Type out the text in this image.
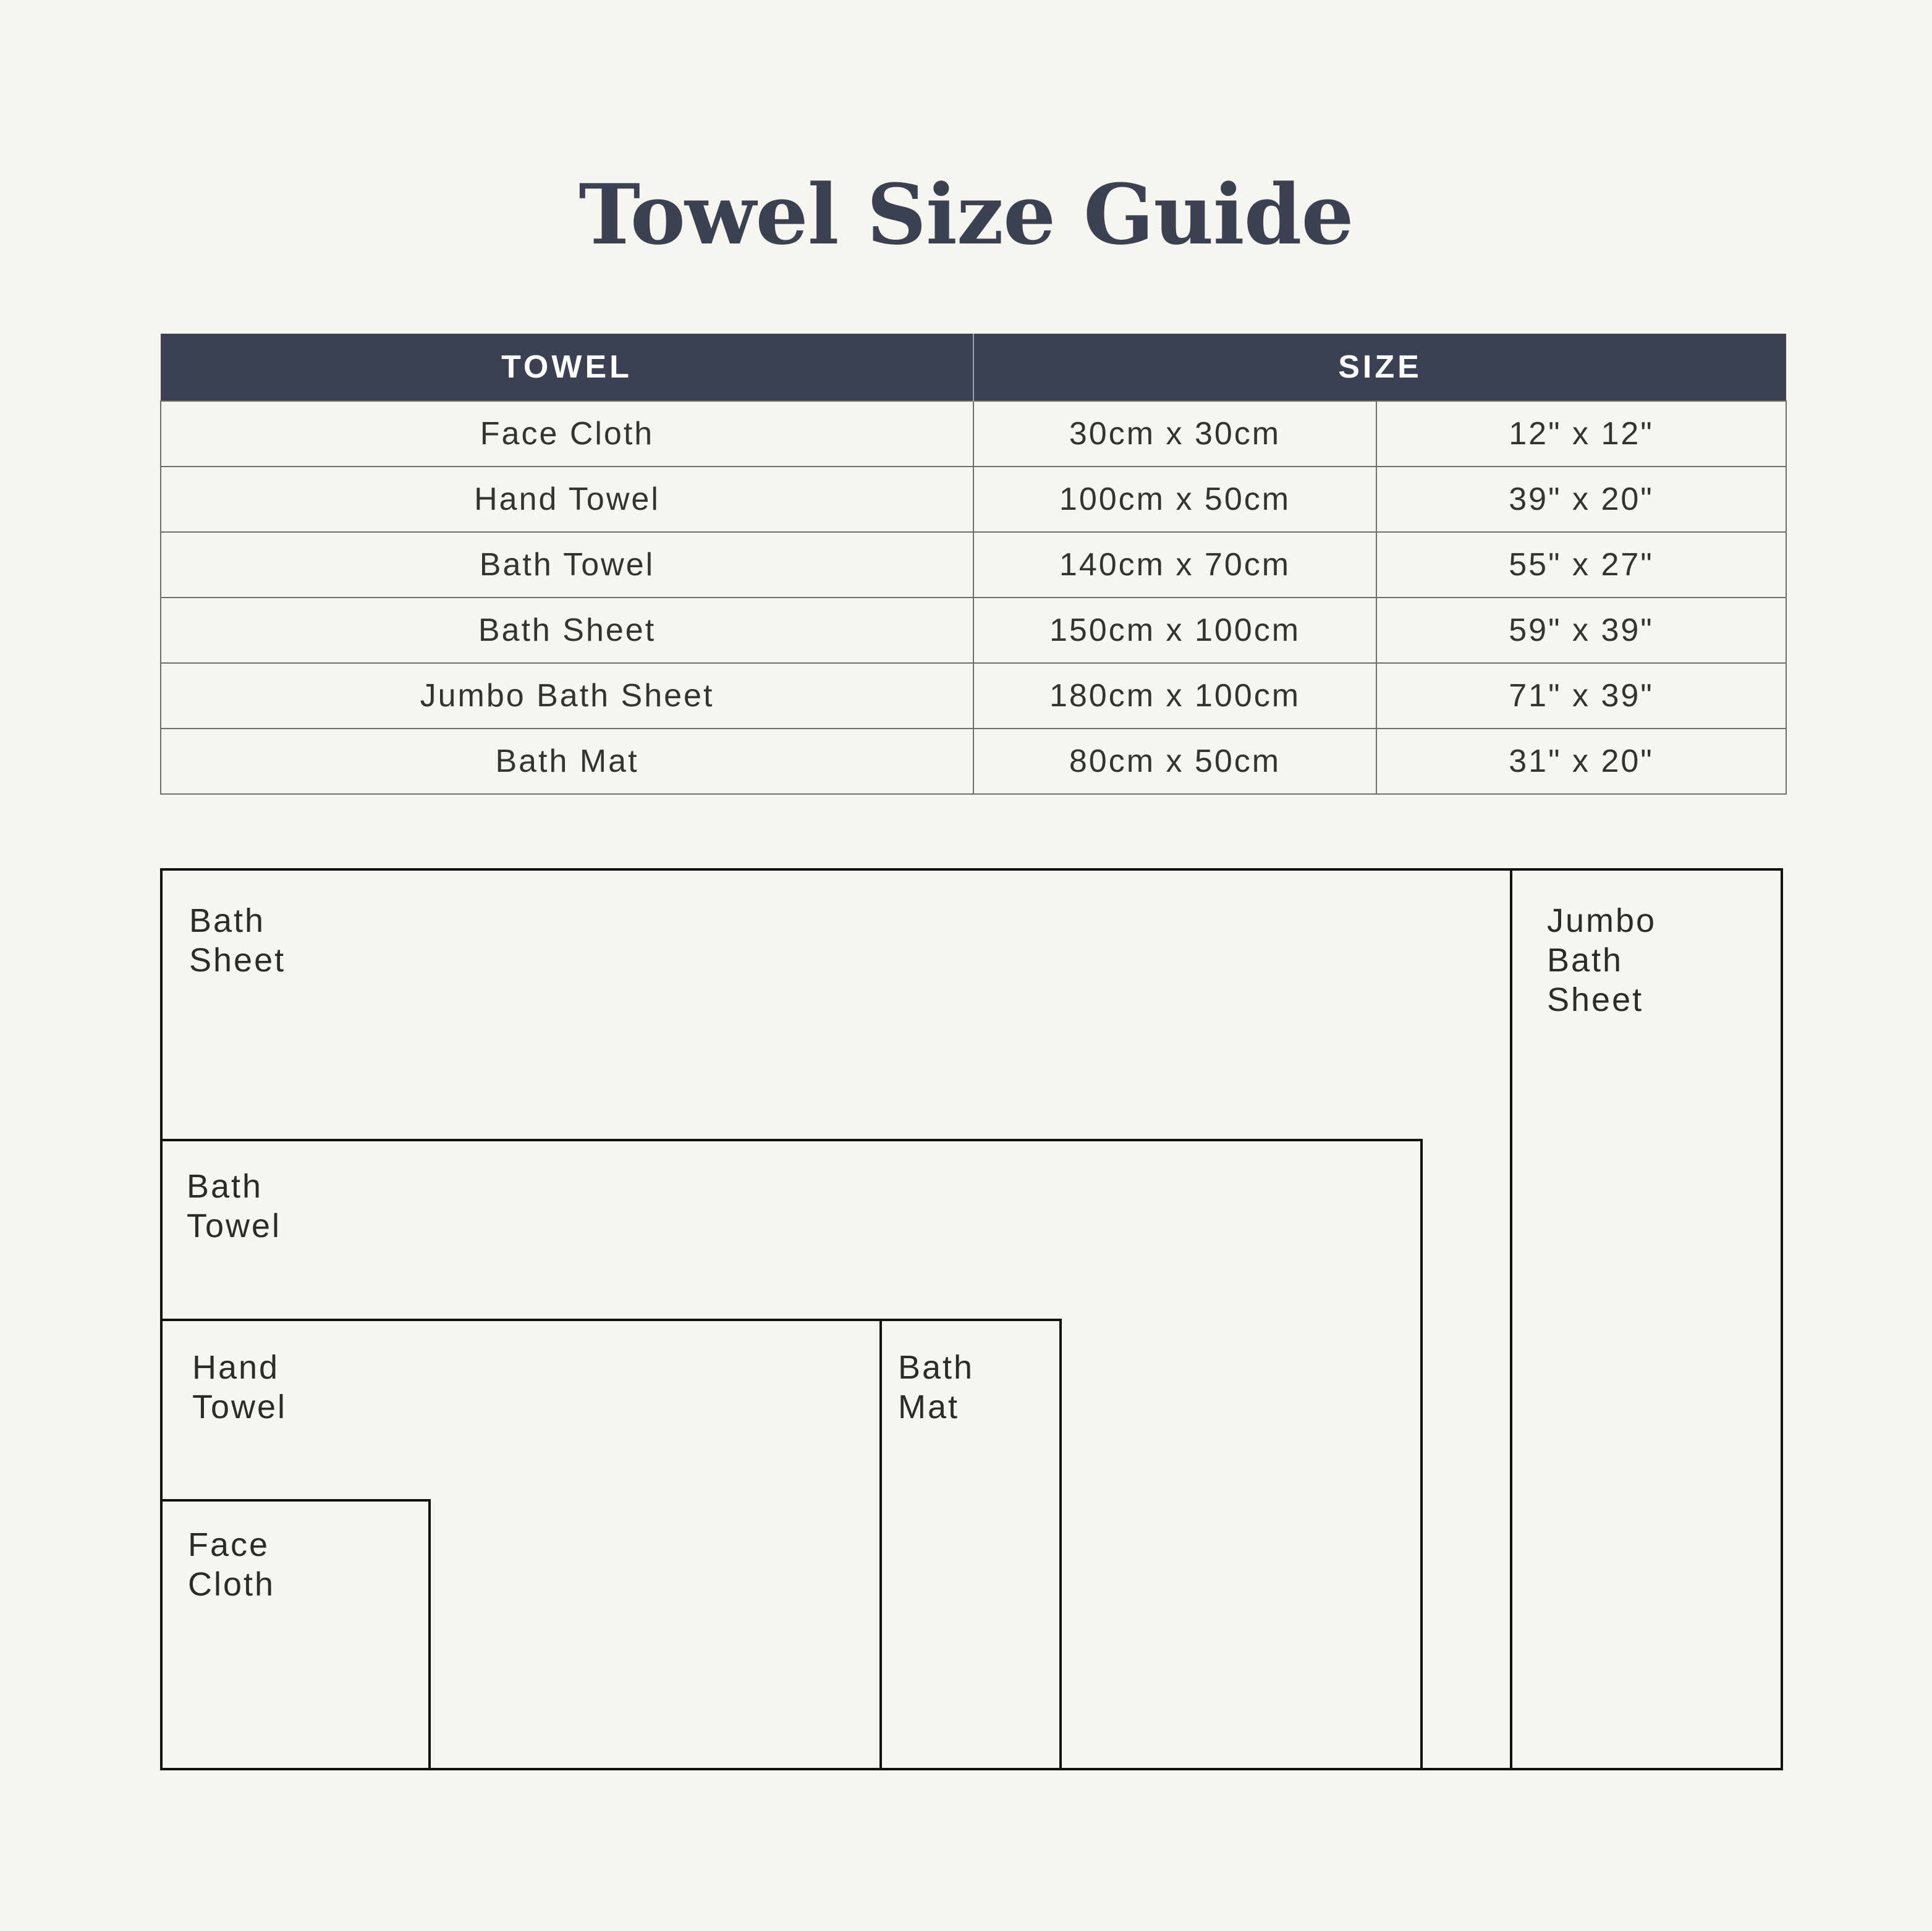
Towel Size Guide
TOWEL	SIZE	
Face Cloth	30cm x 30cm	12" x 12"
Hand Towel	100cm x 50cm	39" x 20"
Bath Towel	140cm x 70cm	55" x 27"
Bath Sheet	150cm x 100cm	59" x 39"
Jumbo Bath Sheet	180cm x 100cm	71" x 39"
Bath Mat	80cm x 50cm	31" x 20"
Bath Sheet
Jumbo Bath
Sheet
Bath Towel
Hand Towel
Bath Mat
Face Cloth
